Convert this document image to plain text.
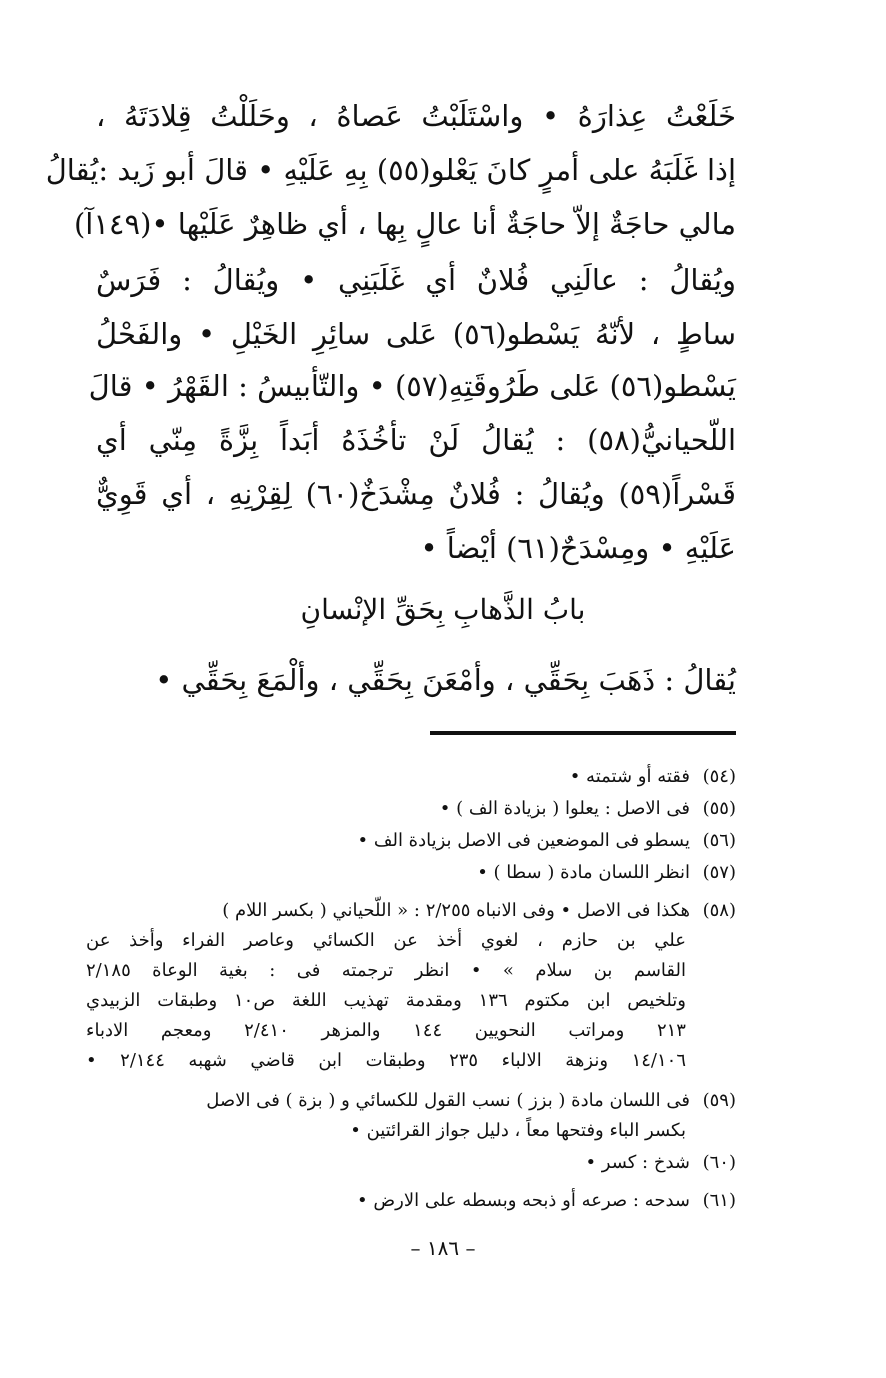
خَلَعْتُ عِذارَهُ • واسْتَلَبْتُ عَصاهُ ، وحَلَلْتُ قِلادَتَهُ ،
إذا غَلَبَهُ على أمرٍ كانَ يَعْلو(٥٥) بِهِ عَلَيْهِ • قالَ أبو زَيد :يُقالُ
مالي حاجَةٌ إلاّ حاجَةٌ أنا عالٍ بِها ، أي ظاهِرٌ عَلَيْها •(١٤٩آ)
ويُقالُ : عالَنِي فُلانٌ أي غَلَبَنِي • ويُقالُ : فَرَسٌ
ساطٍ ، لأنّهُ يَسْطو(٥٦) عَلى سائِرِ الخَيْلِ • والفَحْلُ
يَسْطو(٥٦) عَلى طَرُوقَتِهِ(٥٧) • والتّأبيسُ : القَهْرُ • قالَ
اللّحيانيُّ(٥٨) : يُقالُ لَنْ تأخُذَهُ أبَداً بِزَّةً مِنّي أي
قَسْراً(٥٩) ويُقالُ : فُلانٌ مِشْدَخٌ(٦٠) لِقِرْنِهِ ، أي قَوِيٌّ
عَلَيْهِ • ومِسْدَحٌ(٦١) أيْضاً •
بابُ الذَّهابِ بِحَقِّ الإنْسانِ
يُقالُ : ذَهَبَ بِحَقِّي ، وأمْعَنَ بِحَقِّي ، وألْمَعَ بِحَقِّي •
(٥٤)فقته أو شتمته •
(٥٥)فى الاصل : يعلوا ( بزيادة الف ) •
(٥٦)يسطو فى الموضعين فى الاصل بزيادة الف •
(٥٧)انظر اللسان مادة ( سطا ) •
(٥٨)هكذا فى الاصل • وفى الانباه ٢/٢٥٥ : « اللّحياني ( بكسر اللام )
علي بن حازم ، لغوي أخذ عن الكسائي وعاصر الفراء وأخذ عن
القاسم بن سلام » • انظر ترجمته فى : بغية الوعاة ٢/١٨٥
وتلخيص ابن مكتوم ١٣٦ ومقدمة تهذيب اللغة ص١٠ وطبقات الزبيدي
٢١٣ ومراتب النحويين ١٤٤ والمزهر ٢/٤١٠ ومعجم الادباء
١٤/١٠٦ ونزهة الالباء ٢٣٥ وطبقات ابن قاضي شهبه ٢/١٤٤ •
(٥٩)فى اللسان مادة ( بزز ) نسب القول للكسائي و ( بزة ) فى الاصل
بكسر الباء وفتحها معاً ، دليل جواز القرائتين •
(٦٠)شدخ : كسر •
(٦١)سدحه : صرعه أو ذبحه وبسطه على الارض •
– ١٨٦ –
